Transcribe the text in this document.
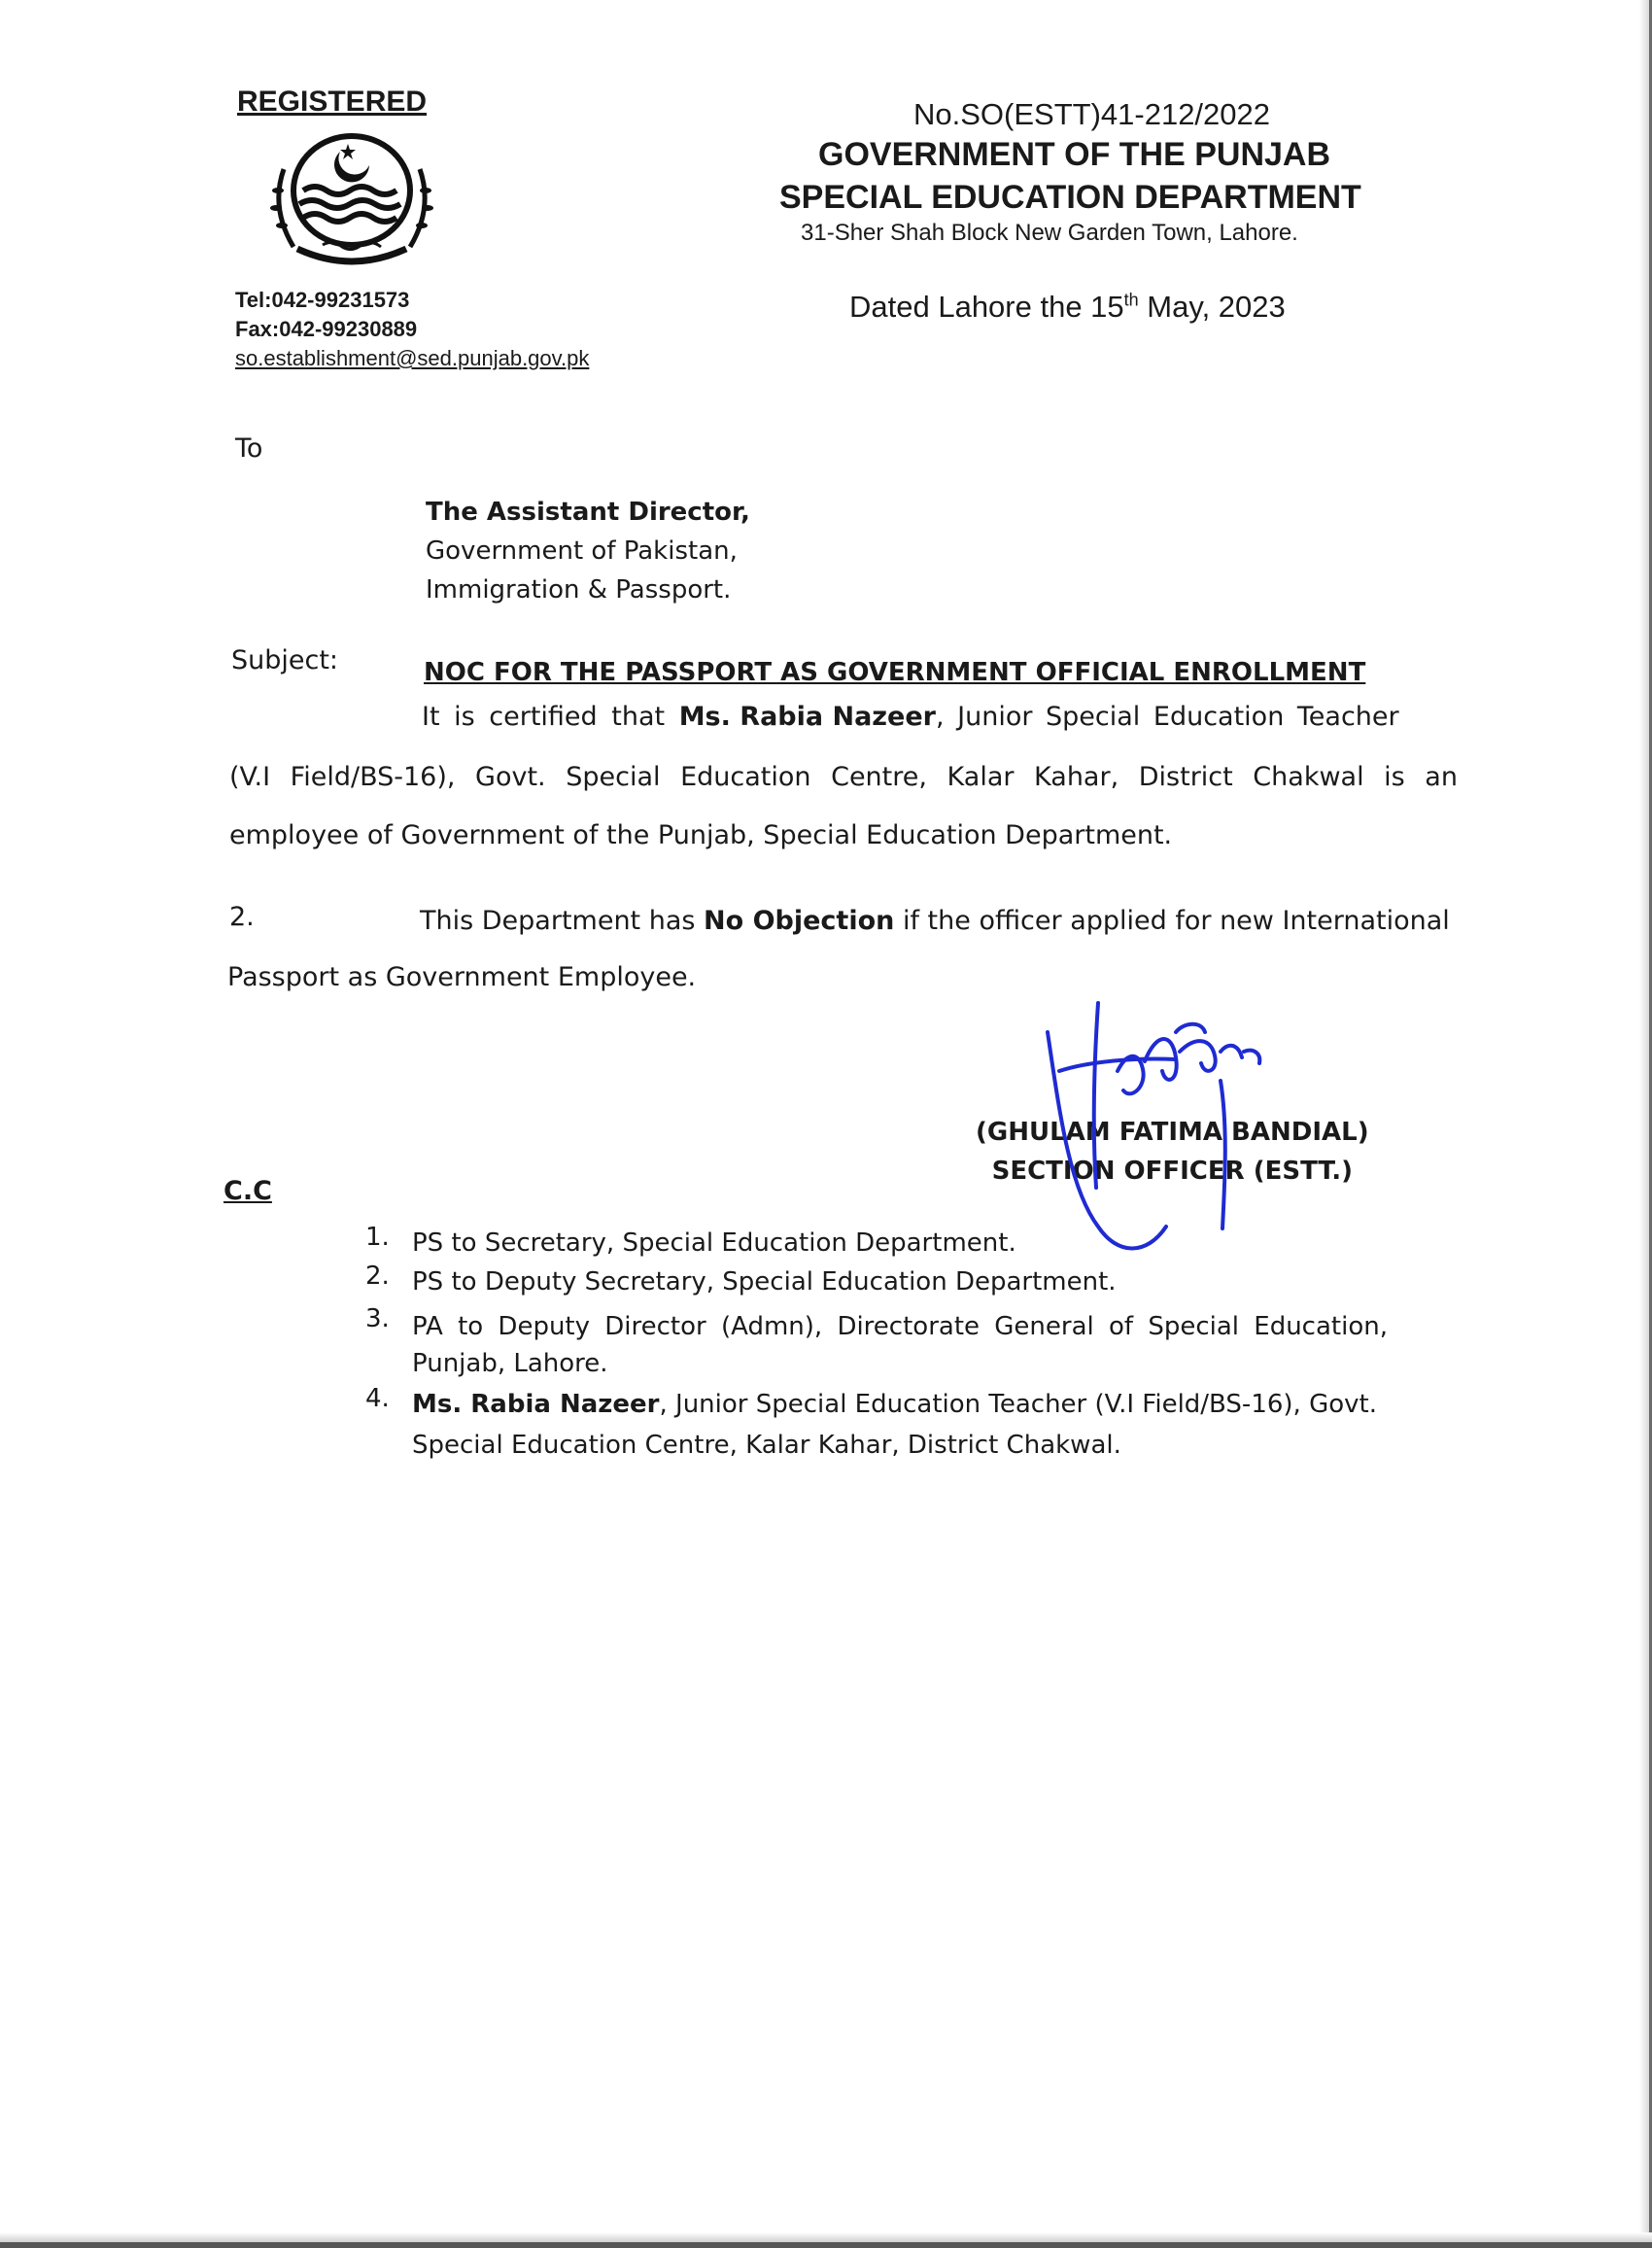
REGISTERED
Tel:042-99231573
Fax:042-99230889
so.establishment@sed.punjab.gov.pk
No.SO(ESTT)41-212/2022
GOVERNMENT OF THE PUNJAB
SPECIAL EDUCATION DEPARTMENT
31-Sher Shah Block New Garden Town, Lahore.
Dated Lahore the 15th May, 2023
To
The Assistant Director,
Government of Pakistan,
Immigration & Passport.
Subject:	NOC FOR THE PASSPORT AS GOVERNMENT OFFICIAL ENROLLMENT
It is certified that Ms. Rabia Nazeer, Junior Special Education Teacher
(V.I Field/BS-16), Govt. Special Education Centre, Kalar Kahar, District Chakwal is an
employee of Government of the Punjab, Special Education Department.
2.	This Department has No Objection if the officer applied for new International
Passport as Government Employee.
(GHULAM FATIMA BANDIAL)
SECTION OFFICER (ESTT.)
C.C
1. PS to Secretary, Special Education Department.
2. PS to Deputy Secretary, Special Education Department.
3. PA to Deputy Director (Admn), Directorate General of Special Education,
Punjab, Lahore.
4. Ms. Rabia Nazeer, Junior Special Education Teacher (V.I Field/BS-16), Govt.
Special Education Centre, Kalar Kahar, District Chakwal.
